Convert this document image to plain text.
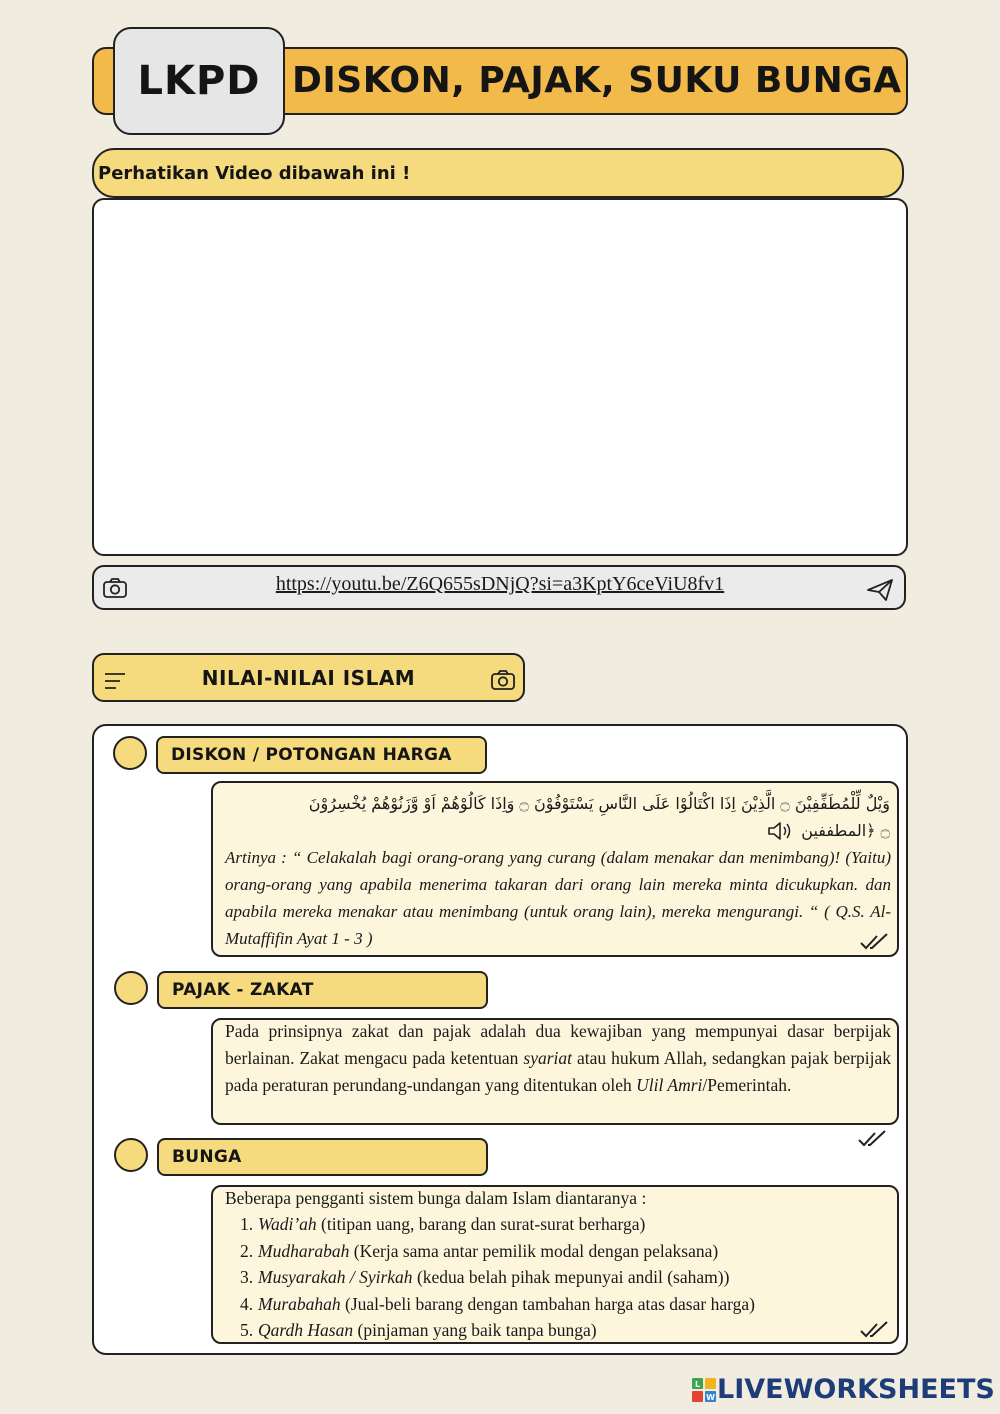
LKPD DISKON, PAJAK, SUKU BUNGA
Perhatikan Video dibawah ini !
https://youtu.be/Z6Q655sDNjQ?si=a3KptY6ceViU8fv1
NILAI-NILAI ISLAM
DISKON / POTONGAN HARGA
وَيْلٌ لِّلْمُطَفِّفِيْنَ ۝ الَّذِيْنَ اِذَا اكْتَالُوْا عَلَى النَّاسِ يَسْتَوْفُوْنَ ۝ وَاِذَا كَالُوْهُمْ اَوْ وَّزَنُوْهُمْ يُخْسِرُوْنَ
۝ ﴿المطففين
Artinya : “ Celakalah bagi orang-orang yang curang (dalam menakar dan menimbang)! (Yaitu) orang-orang yang apabila menerima takaran dari orang lain mereka minta dicukupkan. dan apabila mereka menakar atau menimbang (untuk orang lain), mereka mengurangi. “ ( Q.S. Al-Mutaffifin Ayat 1 - 3 )
PAJAK - ZAKAT
Pada prinsipnya zakat dan pajak adalah dua kewajiban yang mempunyai dasar berpijak berlainan. Zakat mengacu pada ketentuan syariat atau hukum Allah, sedangkan pajak berpijak pada peraturan perundang-undangan yang ditentukan oleh Ulil Amri/Pemerintah.
BUNGA
Beberapa pengganti sistem bunga dalam Islam diantaranya :
1. Wadi’ah (titipan uang, barang dan surat-surat berharga)
2. Mudharabah (Kerja sama antar pemilik modal dengan pelaksana)
3. Musyarakah / Syirkah (kedua belah pihak mepunyai andil (saham))
4. Murabahah (Jual-beli barang dengan tambahan harga atas dasar harga)
5. Qardh Hasan (pinjaman yang baik tanpa bunga)
L
W LIVEWORKSHEETS
